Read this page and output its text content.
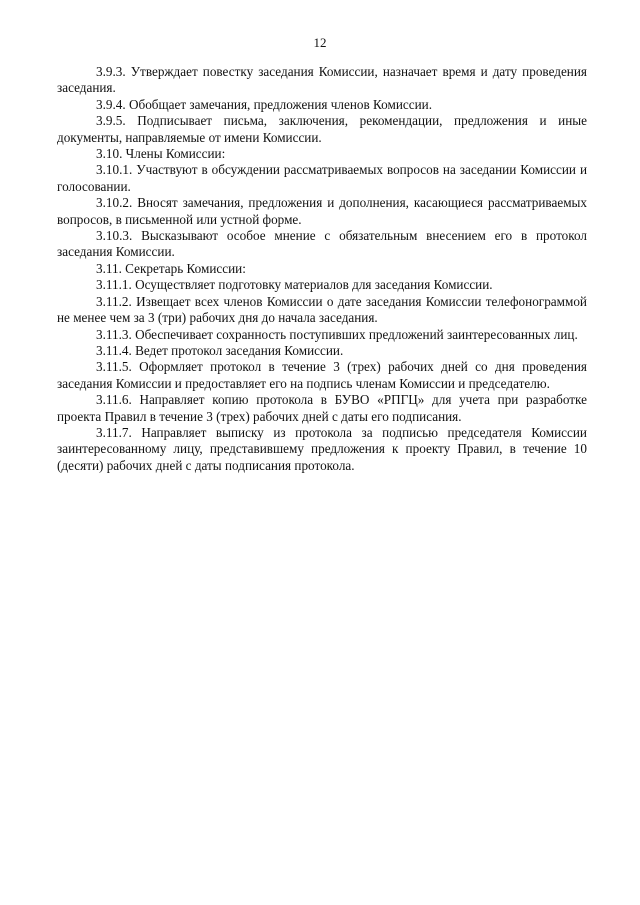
12

3.9.3. Утверждает повестку заседания Комиссии, назначает время и дату проведения заседания.

3.9.4. Обобщает замечания, предложения членов Комиссии.

3.9.5. Подписывает письма, заключения, рекомендации, предложения и иные документы, направляемые от имени Комиссии.

3.10. Члены Комиссии:

3.10.1. Участвуют в обсуждении рассматриваемых вопросов на заседании Комиссии и голосовании.

3.10.2. Вносят замечания, предложения и дополнения, касающиеся рассматриваемых вопросов, в письменной или устной форме.

3.10.3. Высказывают особое мнение с обязательным внесением его в протокол заседания Комиссии.

3.11. Секретарь Комиссии:

3.11.1. Осуществляет подготовку материалов для заседания Комиссии.

3.11.2. Извещает всех членов Комиссии о дате заседания Комиссии телефонограммой не менее чем за 3 (три) рабочих дня до начала заседания.

3.11.3. Обеспечивает сохранность поступивших предложений заинтересованных лиц.

3.11.4. Ведет протокол заседания Комиссии.

3.11.5. Оформляет протокол в течение 3 (трех) рабочих дней со дня проведения заседания Комиссии и предоставляет его на подпись членам Комиссии и председателю.

3.11.6. Направляет копию протокола в БУВО «РПГЦ» для учета при разработке проекта Правил в течение 3 (трех) рабочих дней с даты его подписания.

3.11.7. Направляет выписку из протокола за подписью председателя Комиссии заинтересованному лицу, представившему предложения к проекту Правил, в течение 10 (десяти) рабочих дней с даты подписания протокола.
